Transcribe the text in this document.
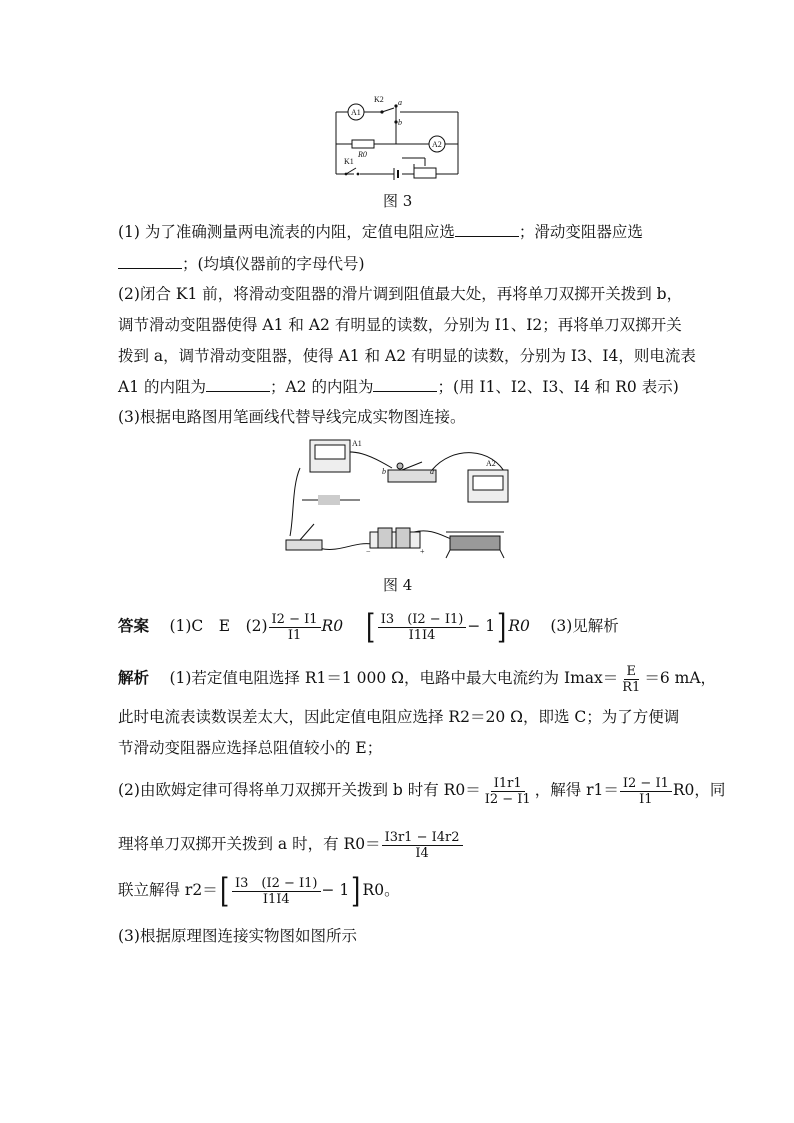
A1
A2
K2 a
b
R0
K1
图 3
(1) 为了准确测量两电流表的内阻，定值电阻应选	；滑动变阻器应选
；(均填仪器前的字母代号)
(2)闭合 K1 前，将滑动变阻器的滑片调到阻值最大处，再将单刀双掷开关拨到 b，
调节滑动变阻器使得 A1 和 A2 有明显的读数，分别为 I1、I2；再将单刀双掷开关
拨到 a，调节滑动变阻器，使得 A1 和 A2 有明显的读数，分别为 I3、I4，则电流表
A1 的内阻为	；A2 的内阻为	；(用 I1、I2、I3、I4 和 R0 表示)
(3)根据电路图用笔画线代替导线完成实物图连接。
A1
A2
b	a
−	+
图 4
答案　 (1)C　E　$(2) \frac{I2 - I1}{I1} R0$　 [ $\frac{I3 (I2 - I1)}{I1I4} - 1$] R0　 (3)见解析
解析　 (1)若定值电阻选择 R1＝1 000 Ω，电路中最大电流约为 $Imax= \frac{E}{R1} =6$ mA，
此时电流表读数误差太大，因此定值电阻应选择 R2＝20 Ω，即选 C；为了方便调
节滑动变阻器应选择总阻值较小的 E；
(2)由欧姆定律可得将单刀双掷开关拨到 b 时有 $R0= \frac{I1r1}{I2 - I1}$ ，解得 $r1= \frac{I2 - I1}{I1} R0$，同
理将单刀双掷开关拨到 a 时，有 $R0= \frac{I3r1 - I4r2}{I4}$
联立解得 $r2=[ \frac{I3 (I2 - I1)}{I1I4} - 1]$ R0。
(3)根据原理图连接实物图如图所示
